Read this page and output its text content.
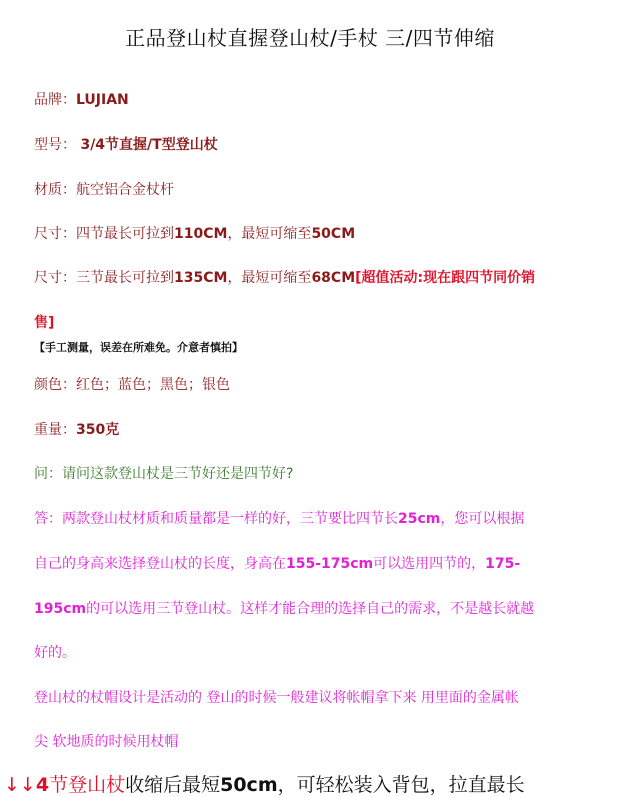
正品登山杖直握登山杖/手杖 三/四节伸缩
品牌：LUJIAN
型号： 3/4节直握/T型登山杖
材质：航空铝合金杖杆
尺寸：四节最长可拉到110CM，最短可缩至50CM
尺寸：三节最长可拉到135CM，最短可缩至68CM[超值活动:现在跟四节同价销
售]
【手工测量，误差在所难免。介意者慎拍】
颜色：红色；蓝色；黑色；银色
重量：350克
问：请问这款登山杖是三节好还是四节好?
答：两款登山杖材质和质量都是一样的好，三节要比四节长25cm，您可以根据
自己的身高来选择登山杖的长度，身高在155-175cm可以选用四节的，175-
195cm的可以选用三节登山杖。这样才能合理的选择自己的需求，不是越长就越
好的。
登山杖的杖帽设计是活动的 登山的时候一般建议将帐帽拿下来 用里面的金属帐
尖 软地质的时候用杖帽
↓↓4节登山杖收缩后最短50cm，可轻松装入背包，拉直最长
